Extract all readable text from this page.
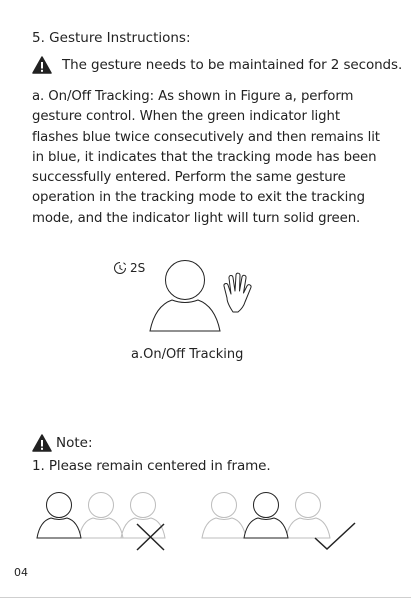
5. Gesture Instructions:
The gesture needs to be maintained for 2 seconds.
a. On/Off Tracking: As shown in Figure a, perform
gesture control. When the green indicator light
flashes blue twice consecutively and then remains lit
in blue, it indicates that the tracking mode has been
successfully entered. Perform the same gesture
operation in the tracking mode to exit the tracking
mode, and the indicator light will turn solid green.
2S
a.On/Off Tracking
Note:
1. Please remain centered in frame.
04
